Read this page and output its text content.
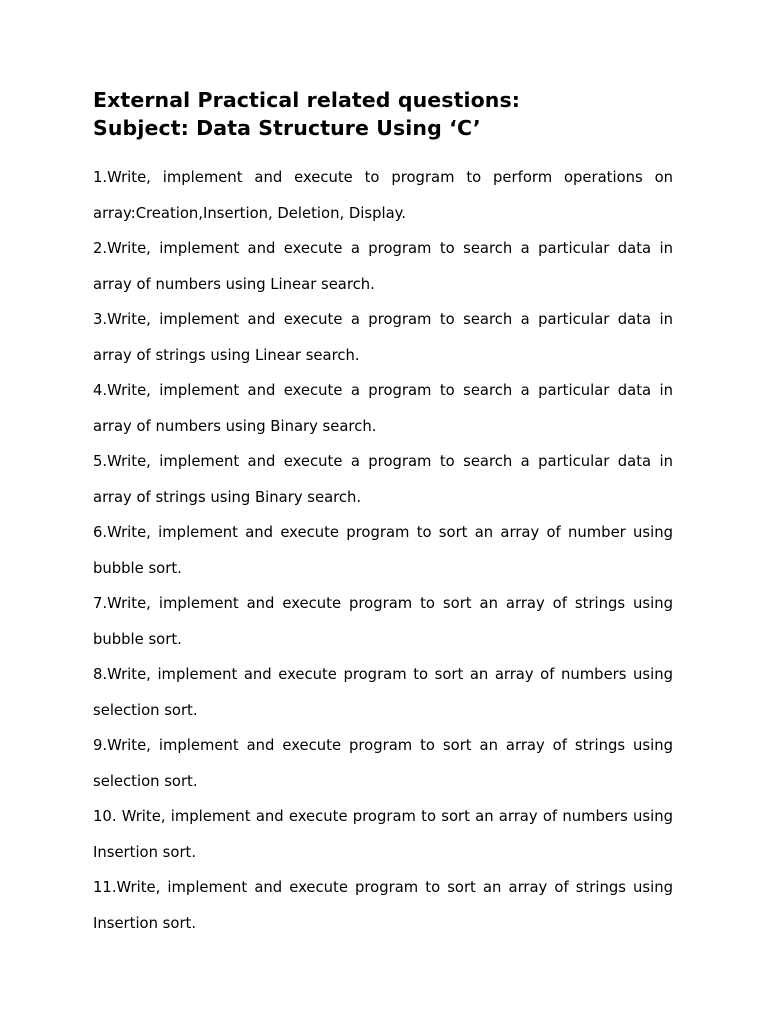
External Practical related questions:
Subject: Data Structure Using ‘C’
1.Write, implement and execute to program to perform operations on array:Creation,Insertion, Deletion, Display.
2.Write, implement and execute a program to search a particular data in array of numbers using Linear search.
3.Write, implement and execute a program to search a particular data in array of strings using Linear search.
4.Write, implement and execute a program to search a particular data in array of numbers using Binary search.
5.Write, implement and execute a program to search a particular data in array of strings using Binary search.
6.Write, implement and execute program to sort an array of number using bubble sort.
7.Write, implement and execute program to sort an array of strings using bubble sort.
8.Write, implement and execute program to sort an array of numbers using selection sort.
9.Write, implement and execute program to sort an array of strings using selection sort.
10. Write, implement and execute program to sort an array of numbers using Insertion sort.
11.Write, implement and execute program to sort an array of strings using Insertion sort.
